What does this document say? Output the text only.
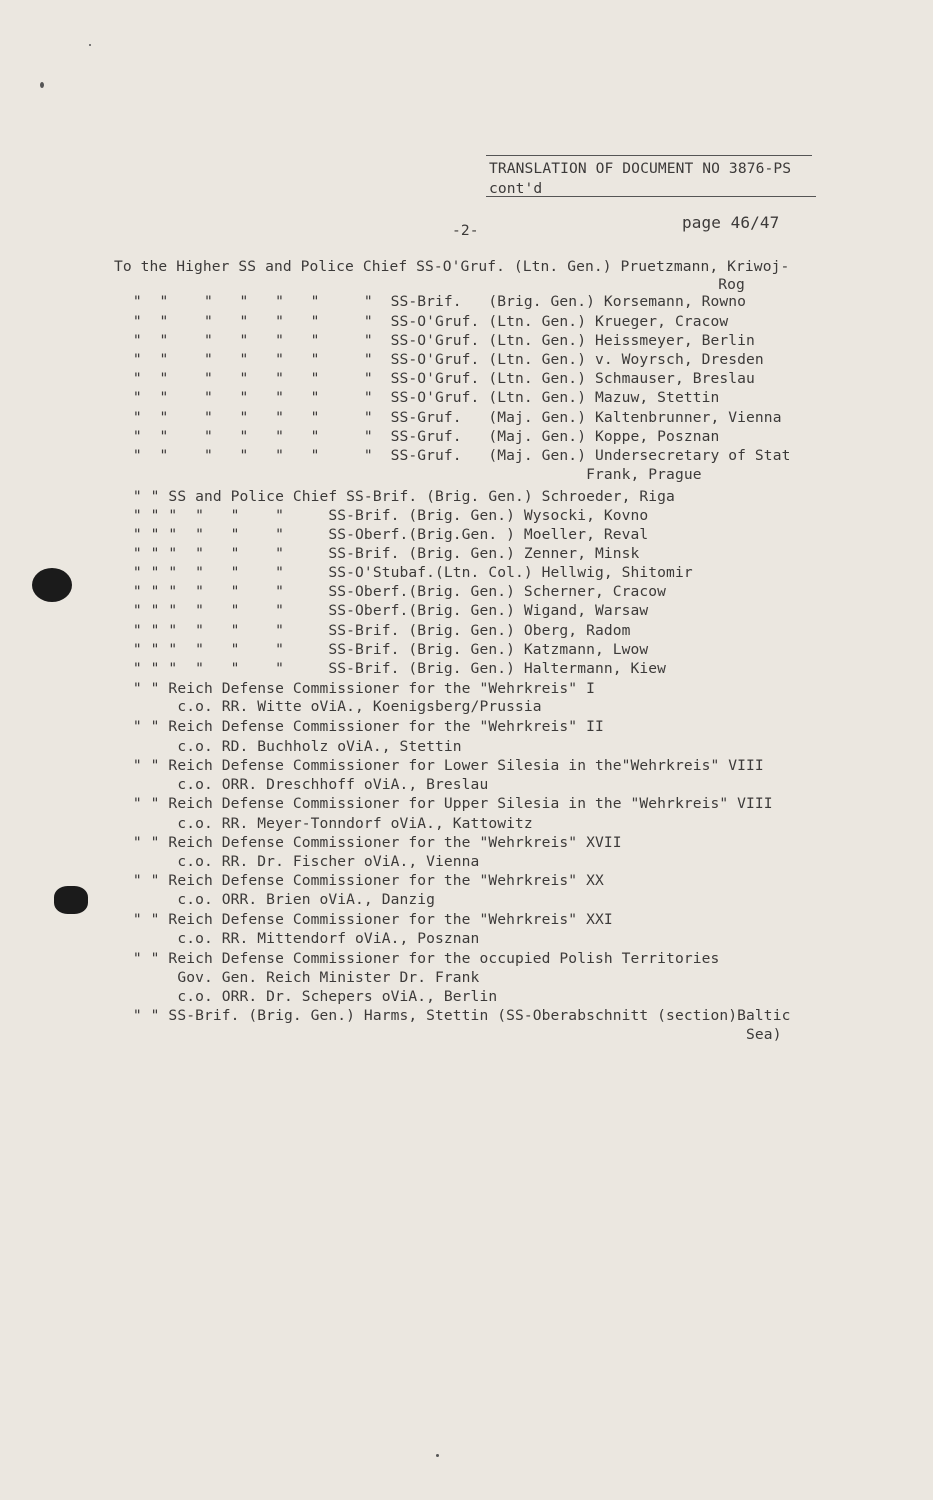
TRANSLATION OF DOCUMENT NO 3876-PS
cont'd
-2-	page 46/47
To the Higher SS and Police Chief SS-O'Gruf. (Ltn. Gen.) Pruetzmann, Kriwoj-
Rog
"  "    "   "   "   "     "  SS-Brif.   (Brig. Gen.) Korsemann, Rowno
"  "    "   "   "   "     "  SS-O'Gruf. (Ltn. Gen.) Krueger, Cracow
"  "    "   "   "   "     "  SS-O'Gruf. (Ltn. Gen.) Heissmeyer, Berlin
"  "    "   "   "   "     "  SS-O'Gruf. (Ltn. Gen.) v. Woyrsch, Dresden
"  "    "   "   "   "     "  SS-O'Gruf. (Ltn. Gen.) Schmauser, Breslau
"  "    "   "   "   "     "  SS-O'Gruf. (Ltn. Gen.) Mazuw, Stettin
"  "    "   "   "   "     "  SS-Gruf.   (Maj. Gen.) Kaltenbrunner, Vienna
"  "    "   "   "   "     "  SS-Gruf.   (Maj. Gen.) Koppe, Posznan
"  "    "   "   "   "     "  SS-Gruf.   (Maj. Gen.) Undersecretary of Stat
Frank, Prague
" " SS and Police Chief SS-Brif. (Brig. Gen.) Schroeder, Riga
" " "  "   "    "     SS-Brif. (Brig. Gen.) Wysocki, Kovno
" " "  "   "    "     SS-Oberf.(Brig.Gen. ) Moeller, Reval
" " "  "   "    "     SS-Brif. (Brig. Gen.) Zenner, Minsk
" " "  "   "    "     SS-O'Stubaf.(Ltn. Col.) Hellwig, Shitomir
" " "  "   "    "     SS-Oberf.(Brig. Gen.) Scherner, Cracow
" " "  "   "    "     SS-Oberf.(Brig. Gen.) Wigand, Warsaw
" " "  "   "    "     SS-Brif. (Brig. Gen.) Oberg, Radom
" " "  "   "    "     SS-Brif. (Brig. Gen.) Katzmann, Lwow
" " "  "   "    "     SS-Brif. (Brig. Gen.) Haltermann, Kiew
" " Reich Defense Commissioner for the "Wehrkreis" I
c.o. RR. Witte oViA., Koenigsberg/Prussia
" " Reich Defense Commissioner for the "Wehrkreis" II
c.o. RD. Buchholz oViA., Stettin
" " Reich Defense Commissioner for Lower Silesia in the"Wehrkreis" VIII
c.o. ORR. Dreschhoff oViA., Breslau
" " Reich Defense Commissioner for Upper Silesia in the "Wehrkreis" VIII
c.o. RR. Meyer-Tonndorf oViA., Kattowitz
" " Reich Defense Commissioner for the "Wehrkreis" XVII
c.o. RR. Dr. Fischer oViA., Vienna
" " Reich Defense Commissioner for the "Wehrkreis" XX
c.o. ORR. Brien oViA., Danzig
" " Reich Defense Commissioner for the "Wehrkreis" XXI
c.o. RR. Mittendorf oViA., Posznan
" " Reich Defense Commissioner for the occupied Polish Territories
Gov. Gen. Reich Minister Dr. Frank
c.o. ORR. Dr. Schepers oViA., Berlin
" " SS-Brif. (Brig. Gen.) Harms, Stettin (SS-Oberabschnitt (section)Baltic
Sea)
